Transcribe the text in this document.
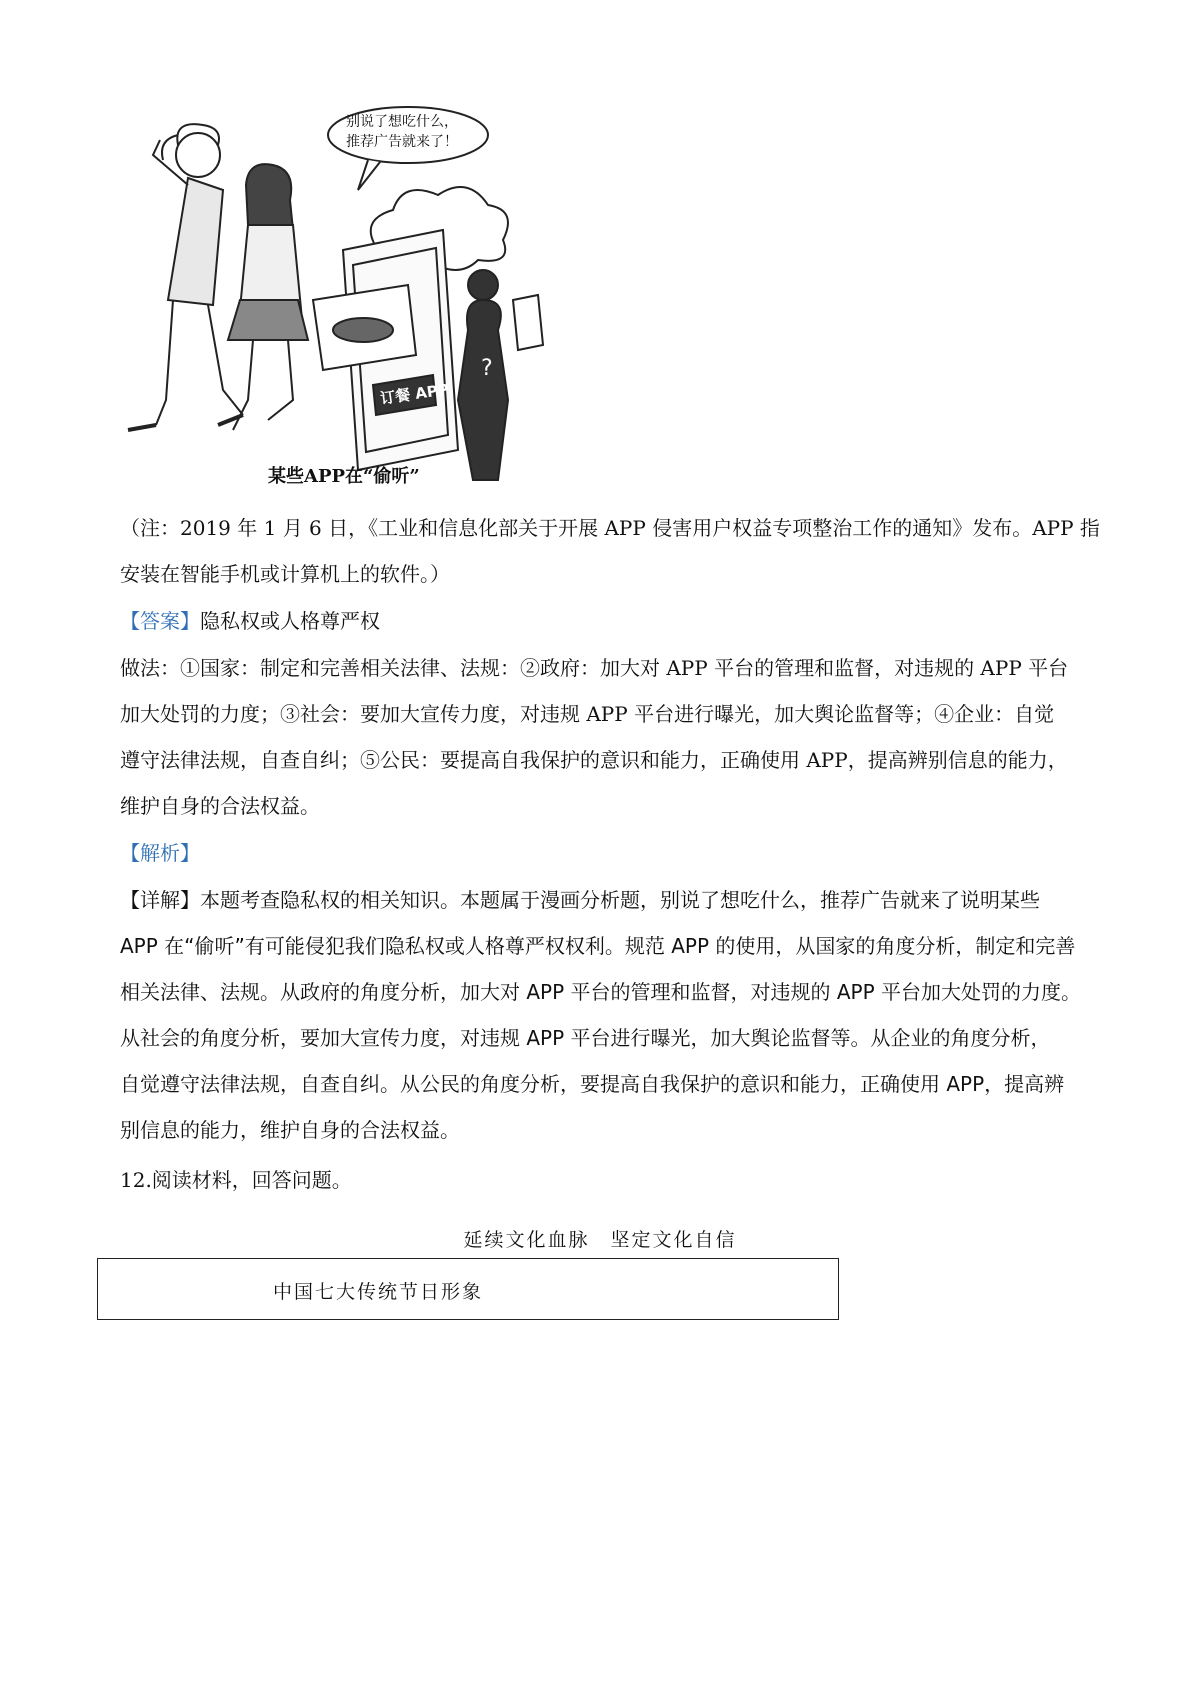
?
别说了想吃什么，
推荐广告就来了！
订餐 APP
某些APP在“偷听”
（注：2019 年 1 月 6 日，《工业和信息化部关于开展 APP 侵害用户权益专项整治工作的通知》发布。APP 指
安装在智能手机或计算机上的软件。）
【答案】隐私权或人格尊严权
做法：①国家：制定和完善相关法律、法规：②政府：加大对 APP 平台的管理和监督，对违规的 APP 平台
加大处罚的力度；③社会：要加大宣传力度，对违规 APP 平台进行曝光，加大舆论监督等；④企业：自觉
遵守法律法规，自查自纠；⑤公民：要提高自我保护的意识和能力，正确使用 APP，提高辨别信息的能力，
维护自身的合法权益。
【解析】
【详解】本题考查隐私权的相关知识。本题属于漫画分析题，别说了想吃什么，推荐广告就来了说明某些
APP 在“偷听”有可能侵犯我们隐私权或人格尊严权权利。规范 APP 的使用，从国家的角度分析，制定和完善
相关法律、法规。从政府的角度分析，加大对 APP 平台的管理和监督，对违规的 APP 平台加大处罚的力度。
从社会的角度分析，要加大宣传力度，对违规 APP 平台进行曝光，加大舆论监督等。从企业的角度分析，
自觉遵守法律法规，自查自纠。从公民的角度分析，要提高自我保护的意识和能力，正确使用 APP，提高辨
别信息的能力，维护自身的合法权益。
12.阅读材料，回答问题。
延续文化血脉　坚定文化自信
中国七大传统节日形象
